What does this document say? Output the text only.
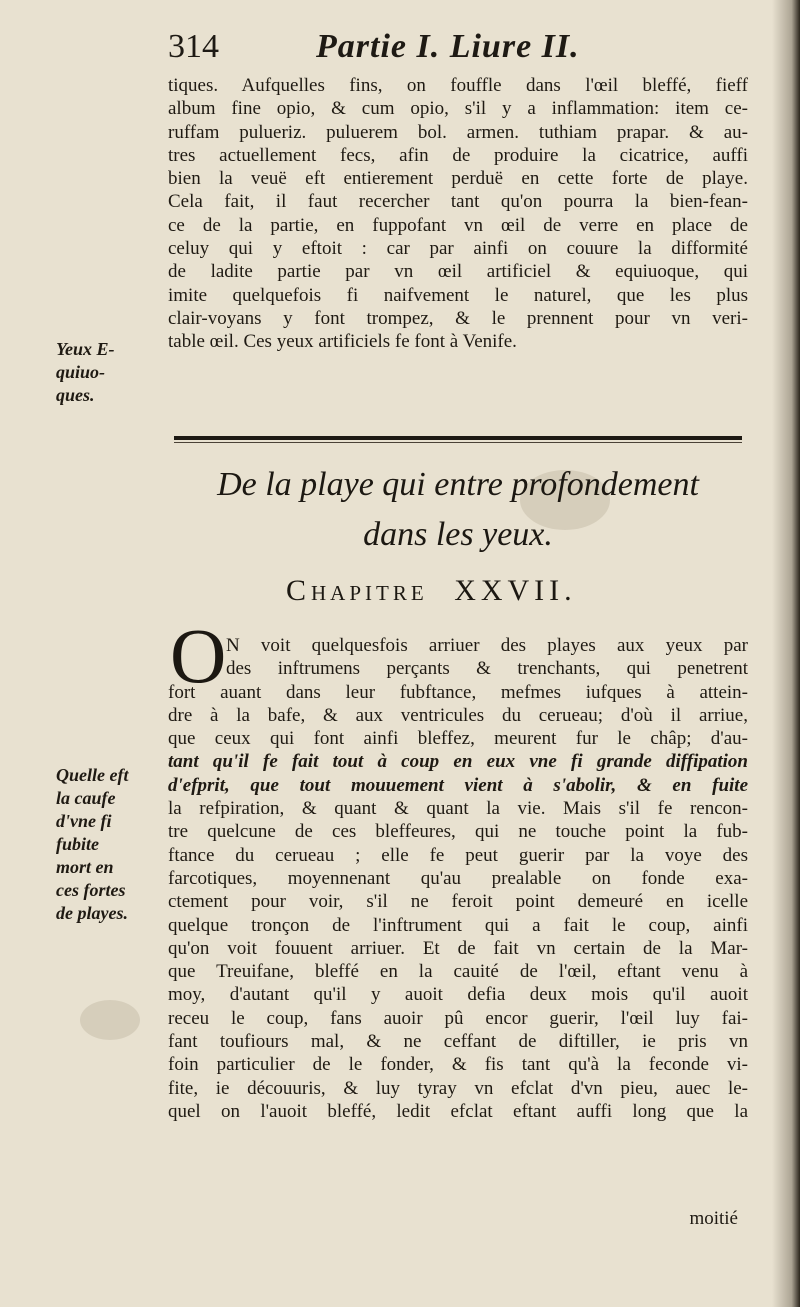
314	Partie I. Liure II.
tiques. Aufquelles fins, on fouffle dans l'œil bleffé, fieff
album fine opio, & cum opio, s'il y a inflammation: item ce-
ruffam pulueriz. puluerem bol. armen. tuthiam prapar. & au-
tres actuellement fecs, afin de produire la cicatrice, auffi
bien la veuë eft entierement perduë en cette forte de playe.
Cela fait, il faut recercher tant qu'on pourra la bien-fean-
ce de la partie, en fuppofant vn œil de verre en place de
celuy qui y eftoit : car par ainfi on couure la difformité
de ladite partie par vn œil artificiel & equiuoque, qui
imite quelquefois fi naifvement le naturel, que les plus
clair-voyans y font trompez, & le prennent pour vn veri-
table œil. Ces yeux artificiels fe font à Venife.
Yeux E-
quiuo-
ques.
De la playe qui entre profondement
dans les yeux.
CHAPITRE XXVII.
O N voit quelquesfois arriuer des playes aux yeux par
des inftrumens perçants & trenchants, qui penetrent
fort auant dans leur fubftance, mefmes iufques à attein-
dre à la bafe, & aux ventricules du cerueau; d'où il arriue,
que ceux qui font ainfi bleffez, meurent fur le châp; d'au-
tant qu'il fe fait tout à coup en eux vne fi grande diffipation
d'efprit, que tout mouuement vient à s'abolir, & en fuite
la refpiration, & quant & quant la vie. Mais s'il fe rencon-
tre quelcune de ces bleffeures, qui ne touche point la fub-
ftance du cerueau ; elle fe peut guerir par la voye des
farcotiques, moyennenant qu'au prealable on fonde exa-
ctement pour voir, s'il ne feroit point demeuré en icelle
quelque tronçon de l'inftrument qui a fait le coup, ainfi
qu'on voit fouuent arriuer. Et de fait vn certain de la Mar-
que Treuifane, bleffé en la cauité de l'œil, eftant venu à
moy, d'autant qu'il y auoit defia deux mois qu'il auoit
receu le coup, fans auoir pû encor guerir, l'œil luy fai-
fant toufiours mal, & ne ceffant de diftiller, ie pris vn
foin particulier de le fonder, & fis tant qu'à la feconde vi-
fite, ie découuris, & luy tyray vn efclat d'vn pieu, auec le-
quel on l'auoit bleffé, ledit efclat eftant auffi long que la
Quelle eft
la caufe
d'vne fi
fubite
mort en
ces fortes
de playes.
moitié
